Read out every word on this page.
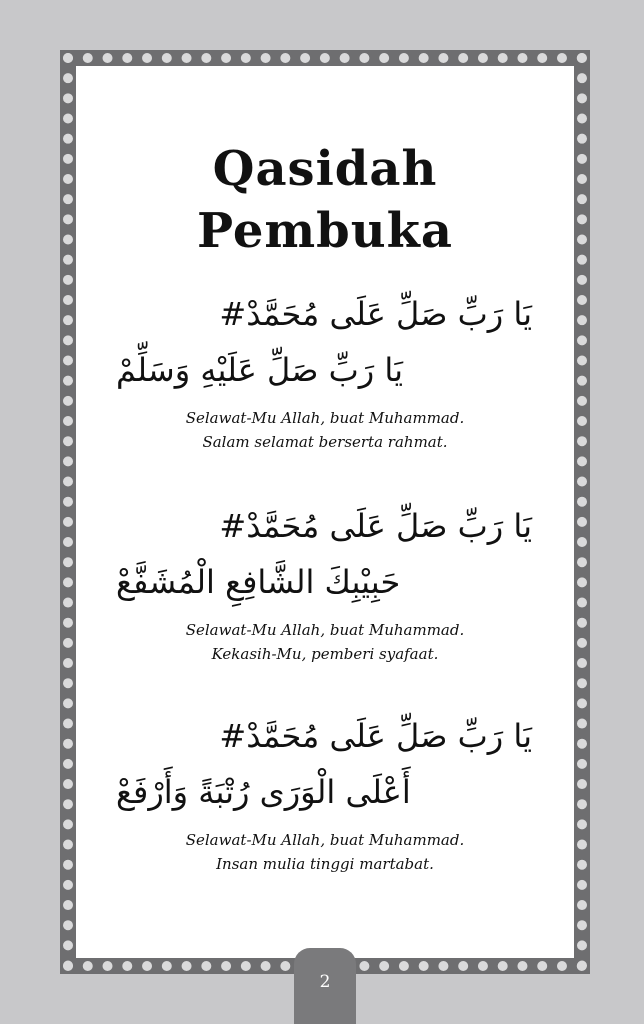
Qasidah
Pembuka
يَا رَبِّ صَلِّ عَلَى مُحَمَّدْ#
يَا رَبِّ صَلِّ عَلَيْهِ وَسَلِّمْ
Selawat-Mu Allah, buat Muhammad.
Salam selamat berserta rahmat.
يَا رَبِّ صَلِّ عَلَى مُحَمَّدْ#
حَبِيْبِكَ الشَّافِعِ الْمُشَفَّعْ
Selawat-Mu Allah, buat Muhammad.
Kekasih-Mu, pemberi syafaat.
يَا رَبِّ صَلِّ عَلَى مُحَمَّدْ#
أَعْلَى الْوَرَى رُتْبَةً وَأَرْفَعْ
Selawat-Mu Allah, buat Muhammad.
Insan mulia tinggi martabat.
2
